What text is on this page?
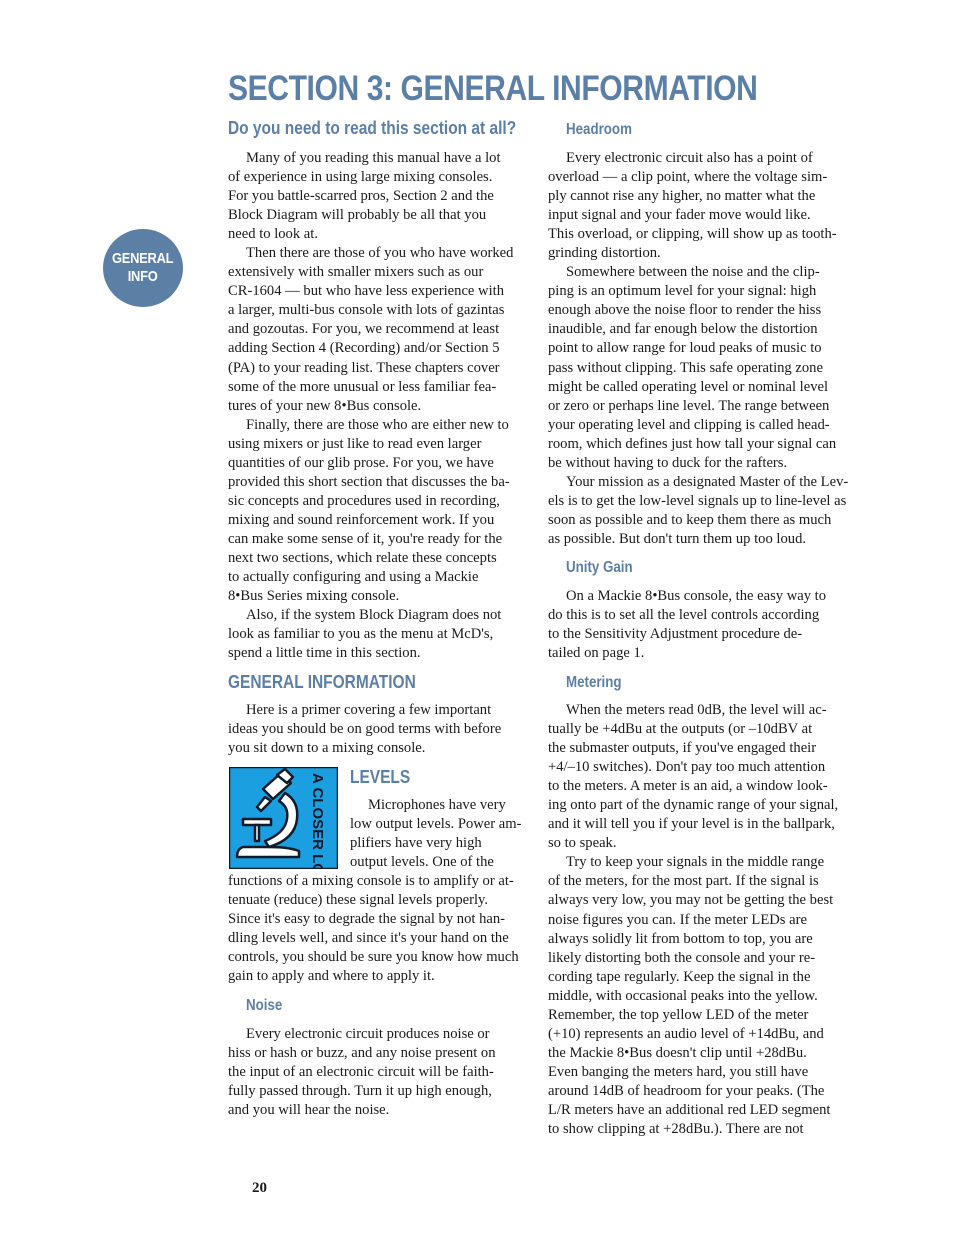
SECTION 3: GENERAL INFORMATION
GENERAL
INFO
Do you need to read this section at all?
Many of you reading this manual have a lot
of experience in using large mixing consoles.
For you battle-scarred pros, Section 2 and the
Block Diagram will probably be all that you
need to look at.
Then there are those of you who have worked
extensively with smaller mixers such as our
CR-1604 — but who have less experience with
a larger, multi-bus console with lots of gazintas
and gozoutas. For you, we recommend at least
adding Section 4 (Recording) and/or Section 5
(PA) to your reading list. These chapters cover
some of the more unusual or less familiar fea-
tures of your new 8•Bus console.
Finally, there are those who are either new to
using mixers or just like to read even larger
quantities of our glib prose. For you, we have
provided this short section that discusses the ba-
sic concepts and procedures used in recording,
mixing and sound reinforcement work. If you
can make some sense of it, you're ready for the
next two sections, which relate these concepts
to actually configuring and using a Mackie
8•Bus Series mixing console.
Also, if the system Block Diagram does not
look as familiar to you as the menu at McD's,
spend a little time in this section.
GENERAL INFORMATION
Here is a primer covering a few important
ideas you should be on good terms with before
you sit down to a mixing console.
A CLOSER LOOK LEVELS
Microphones have very
low output levels. Power am-
plifiers have very high
output levels. One of the
functions of a mixing console is to amplify or at-
tenuate (reduce) these signal levels properly.
Since it's easy to degrade the signal by not han-
dling levels well, and since it's your hand on the
controls, you should be sure you know how much
gain to apply and where to apply it.
Noise
Every electronic circuit produces noise or
hiss or hash or buzz, and any noise present on
the input of an electronic circuit will be faith-
fully passed through. Turn it up high enough,
and you will hear the noise.
Headroom
Every electronic circuit also has a point of
overload — a clip point, where the voltage sim-
ply cannot rise any higher, no matter what the
input signal and your fader move would like.
This overload, or clipping, will show up as tooth-
grinding distortion.
Somewhere between the noise and the clip-
ping is an optimum level for your signal: high
enough above the noise floor to render the hiss
inaudible, and far enough below the distortion
point to allow range for loud peaks of music to
pass without clipping. This safe operating zone
might be called operating level or nominal level
or zero or perhaps line level. The range between
your operating level and clipping is called head-
room, which defines just how tall your signal can
be without having to duck for the rafters.
Your mission as a designated Master of the Lev-
els is to get the low-level signals up to line-level as
soon as possible and to keep them there as much
as possible. But don't turn them up too loud.
Unity Gain
On a Mackie 8•Bus console, the easy way to
do this is to set all the level controls according
to the Sensitivity Adjustment procedure de-
tailed on page 1.
Metering
When the meters read 0dB, the level will ac-
tually be +4dBu at the outputs (or –10dBV at
the submaster outputs, if you've engaged their
+4/–10 switches). Don't pay too much attention
to the meters. A meter is an aid, a window look-
ing onto part of the dynamic range of your signal,
and it will tell you if your level is in the ballpark,
so to speak.
Try to keep your signals in the middle range
of the meters, for the most part. If the signal is
always very low, you may not be getting the best
noise figures you can. If the meter LEDs are
always solidly lit from bottom to top, you are
likely distorting both the console and your re-
cording tape regularly. Keep the signal in the
middle, with occasional peaks into the yellow.
Remember, the top yellow LED of the meter
(+10) represents an audio level of +14dBu, and
the Mackie 8•Bus doesn't clip until +28dBu.
Even banging the meters hard, you still have
around 14dB of headroom for your peaks. (The
L/R meters have an additional red LED segment
to show clipping at +28dBu.). There are not

20
